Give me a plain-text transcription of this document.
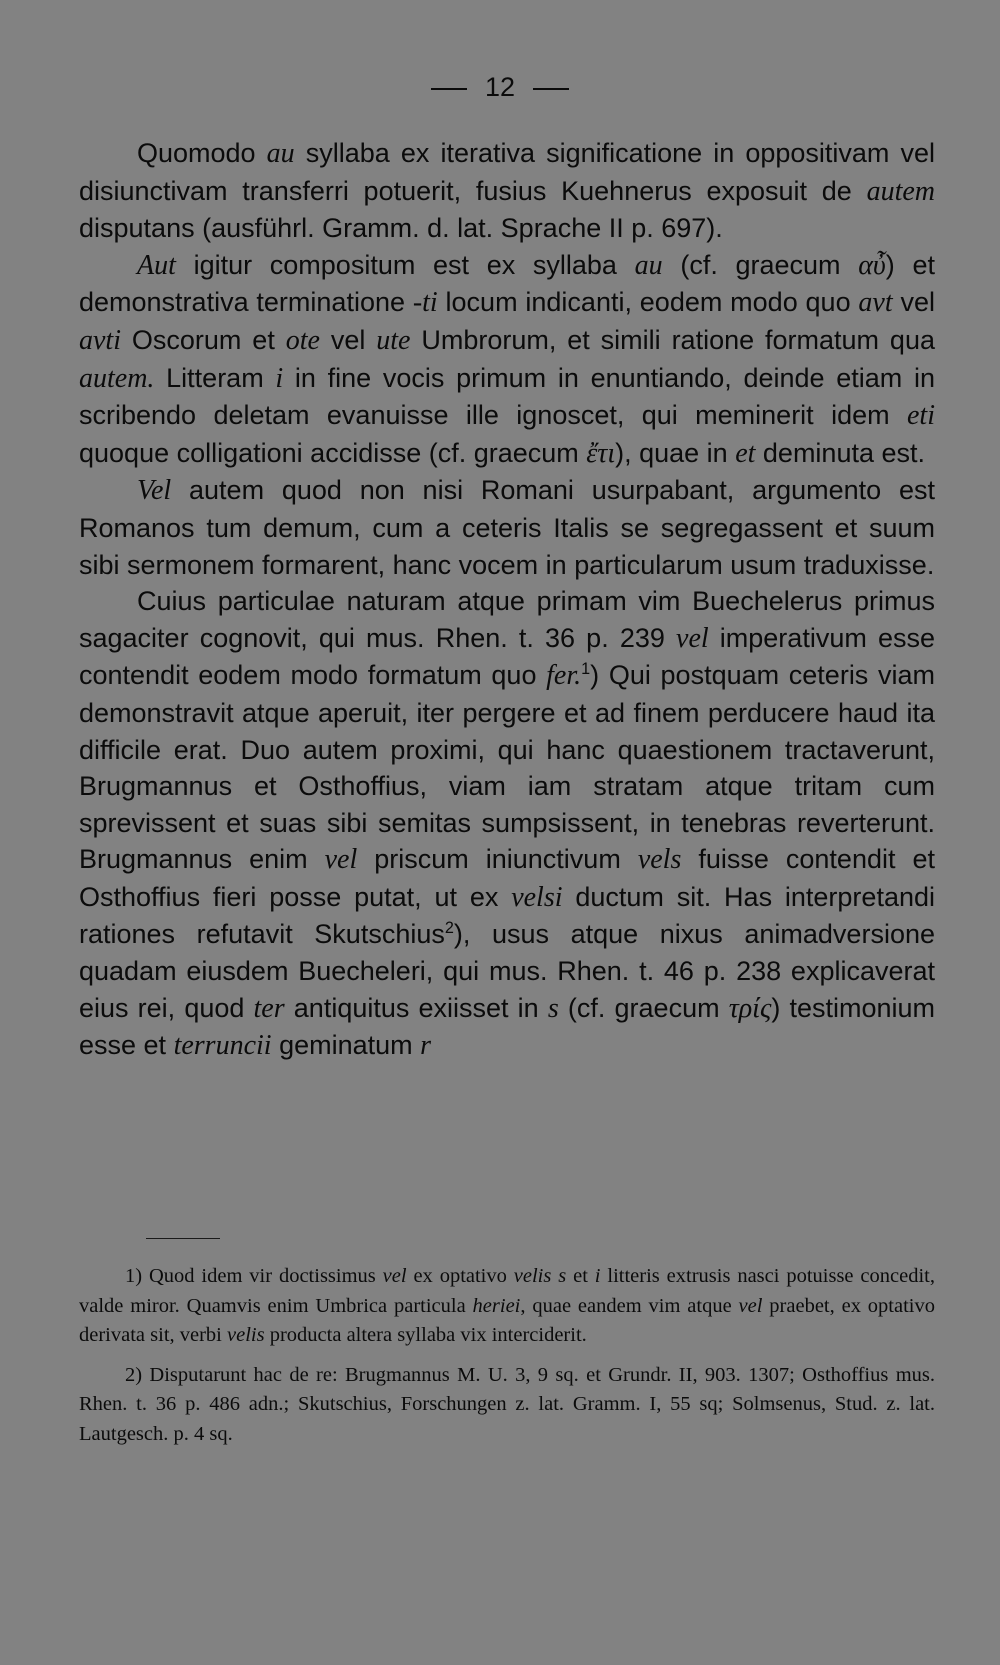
12

Quomodo au syllaba ex iterativa significatione in oppositivam vel disiunctivam transferri potuerit, fusius Kuehnerus exposuit de autem disputans (ausführl. Gramm. d. lat. Sprache II p. 697).

Aut igitur compositum est ex syllaba au (cf. graecum αὖ) et demonstrativa terminatione -ti locum indicanti, eodem modo quo avt vel avti Oscorum et ote vel ute Umbrorum, et simili ratione formatum qua autem. Litteram i in fine vocis primum in enuntiando, deinde etiam in scribendo deletam evanuisse ille ignoscet, qui meminerit idem eti quoque colligationi accidisse (cf. graecum ἔτι), quae in et deminuta est.

Vel autem quod non nisi Romani usurpabant, argumento est Romanos tum demum, cum a ceteris Italis se segregassent et suum sibi sermonem formarent, hanc vocem in particularum usum traduxisse.

Cuius particulae naturam atque primam vim Buechelerus primus sagaciter cognovit, qui mus. Rhen. t. 36 p. 239 vel imperativum esse contendit eodem modo formatum quo fer.$^1$) Qui postquam ceteris viam demonstravit atque aperuit, iter pergere et ad finem perducere haud ita difficile erat. Duo autem proximi, qui hanc quaestionem tractaverunt, Brugmannus et Osthoffius, viam iam stratam atque tritam cum sprevissent et suas sibi semitas sumpsissent, in tenebras reverterunt. Brugmannus enim vel priscum iniunctivum vels fuisse contendit et Osthoffius fieri posse putat, ut ex velsi ductum sit. Has interpretandi rationes refutavit Skutschius$^2$), usus atque nixus animadversione quadam eiusdem Buecheleri, qui mus. Rhen. t. 46 p. 238 explicaverat eius rei, quod ter antiquitus exiisset in s (cf. graecum τρίς) testimonium esse et terruncii geminatum r

1) Quod idem vir doctissimus vel ex optativo velis s et i litteris extrusis nasci potuisse concedit, valde miror. Quamvis enim Umbrica particula heriei, quae eandem vim atque vel praebet, ex optativo derivata sit, verbi velis producta altera syllaba vix interciderit.

2) Disputarunt hac de re: Brugmannus M. U. 3, 9 sq. et Grundr. II, 903. 1307; Osthoffius mus. Rhen. t. 36 p. 486 adn.; Skutschius, Forschungen z. lat. Gramm. I, 55 sq; Solmsenus, Stud. z. lat. Lautgesch. p. 4 sq.
